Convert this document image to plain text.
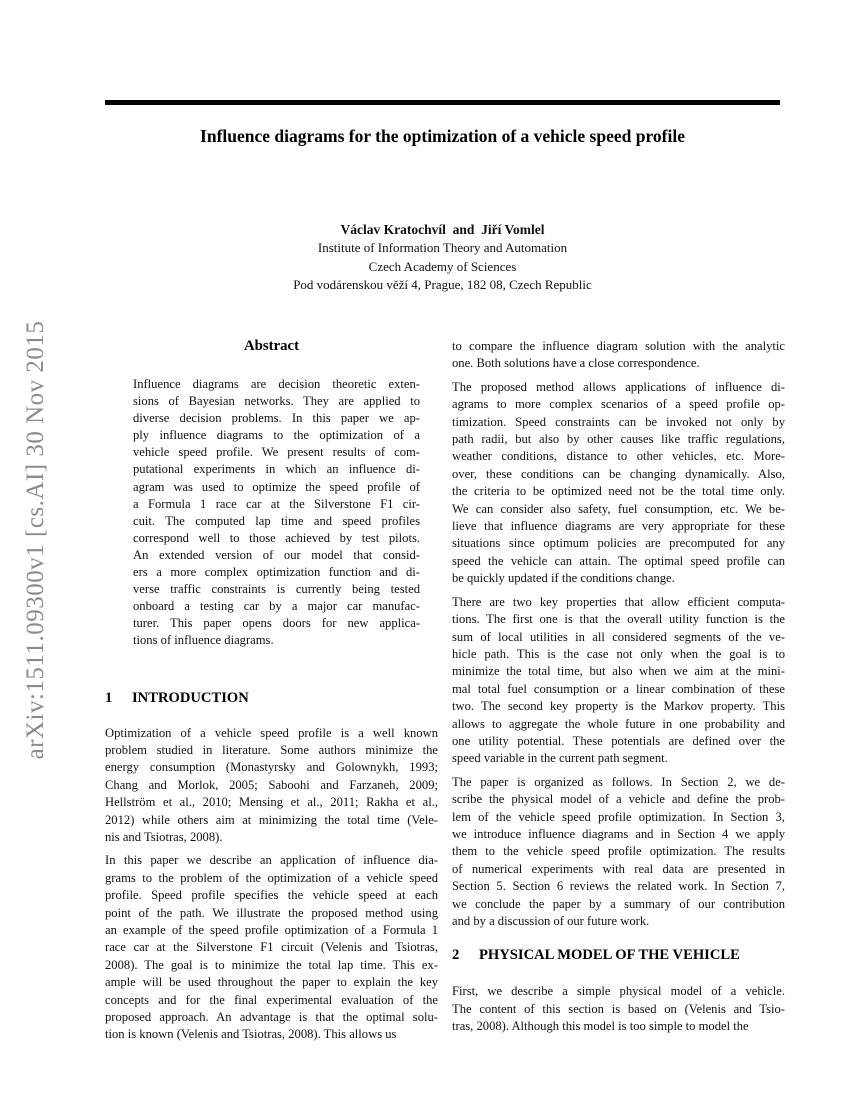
arXiv:1511.09300v1 [cs.AI] 30 Nov 2015
Influence diagrams for the optimization of a vehicle speed profile
Václav Kratochvíl and Jiří Vomlel
Institute of Information Theory and Automation
Czech Academy of Sciences
Pod vodárenskou věží 4, Prague, 182 08, Czech Republic
Abstract
Influence diagrams are decision theoretic exten-
sions of Bayesian networks. They are applied to
diverse decision problems. In this paper we ap-
ply influence diagrams to the optimization of a
vehicle speed profile. We present results of com-
putational experiments in which an influence di-
agram was used to optimize the speed profile of
a Formula 1 race car at the Silverstone F1 cir-
cuit. The computed lap time and speed profiles
correspond well to those achieved by test pilots.
An extended version of our model that consid-
ers a more complex optimization function and di-
verse traffic constraints is currently being tested
onboard a testing car by a major car manufac-
turer. This paper opens doors for new applica-
tions of influence diagrams.
1 INTRODUCTION
Optimization of a vehicle speed profile is a well known
problem studied in literature. Some authors minimize the
energy consumption (Monastyrsky and Golownykh, 1993;
Chang and Morlok, 2005; Saboohi and Farzaneh, 2009;
Hellström et al., 2010; Mensing et al., 2011; Rakha et al.,
2012) while others aim at minimizing the total time (Vele-
nis and Tsiotras, 2008).
In this paper we describe an application of influence dia-
grams to the problem of the optimization of a vehicle speed
profile. Speed profile specifies the vehicle speed at each
point of the path. We illustrate the proposed method using
an example of the speed profile optimization of a Formula 1
race car at the Silverstone F1 circuit (Velenis and Tsiotras,
2008). The goal is to minimize the total lap time. This ex-
ample will be used throughout the paper to explain the key
concepts and for the final experimental evaluation of the
proposed approach. An advantage is that the optimal solu-
tion is known (Velenis and Tsiotras, 2008). This allows us
to compare the influence diagram solution with the analytic
one. Both solutions have a close correspondence.
The proposed method allows applications of influence di-
agrams to more complex scenarios of a speed profile op-
timization. Speed constraints can be invoked not only by
path radii, but also by other causes like traffic regulations,
weather conditions, distance to other vehicles, etc. More-
over, these conditions can be changing dynamically. Also,
the criteria to be optimized need not be the total time only.
We can consider also safety, fuel consumption, etc. We be-
lieve that influence diagrams are very appropriate for these
situations since optimum policies are precomputed for any
speed the vehicle can attain. The optimal speed profile can
be quickly updated if the conditions change.
There are two key properties that allow efficient computa-
tions. The first one is that the overall utility function is the
sum of local utilities in all considered segments of the ve-
hicle path. This is the case not only when the goal is to
minimize the total time, but also when we aim at the mini-
mal total fuel consumption or a linear combination of these
two. The second key property is the Markov property. This
allows to aggregate the whole future in one probability and
one utility potential. These potentials are defined over the
speed variable in the current path segment.
The paper is organized as follows. In Section 2, we de-
scribe the physical model of a vehicle and define the prob-
lem of the vehicle speed profile optimization. In Section 3,
we introduce influence diagrams and in Section 4 we apply
them to the vehicle speed profile optimization. The results
of numerical experiments with real data are presented in
Section 5. Section 6 reviews the related work. In Section 7,
we conclude the paper by a summary of our contribution
and by a discussion of our future work.
2 PHYSICAL MODEL OF THE VEHICLE
First, we describe a simple physical model of a vehicle.
The content of this section is based on (Velenis and Tsio-
tras, 2008). Although this model is too simple to model the
